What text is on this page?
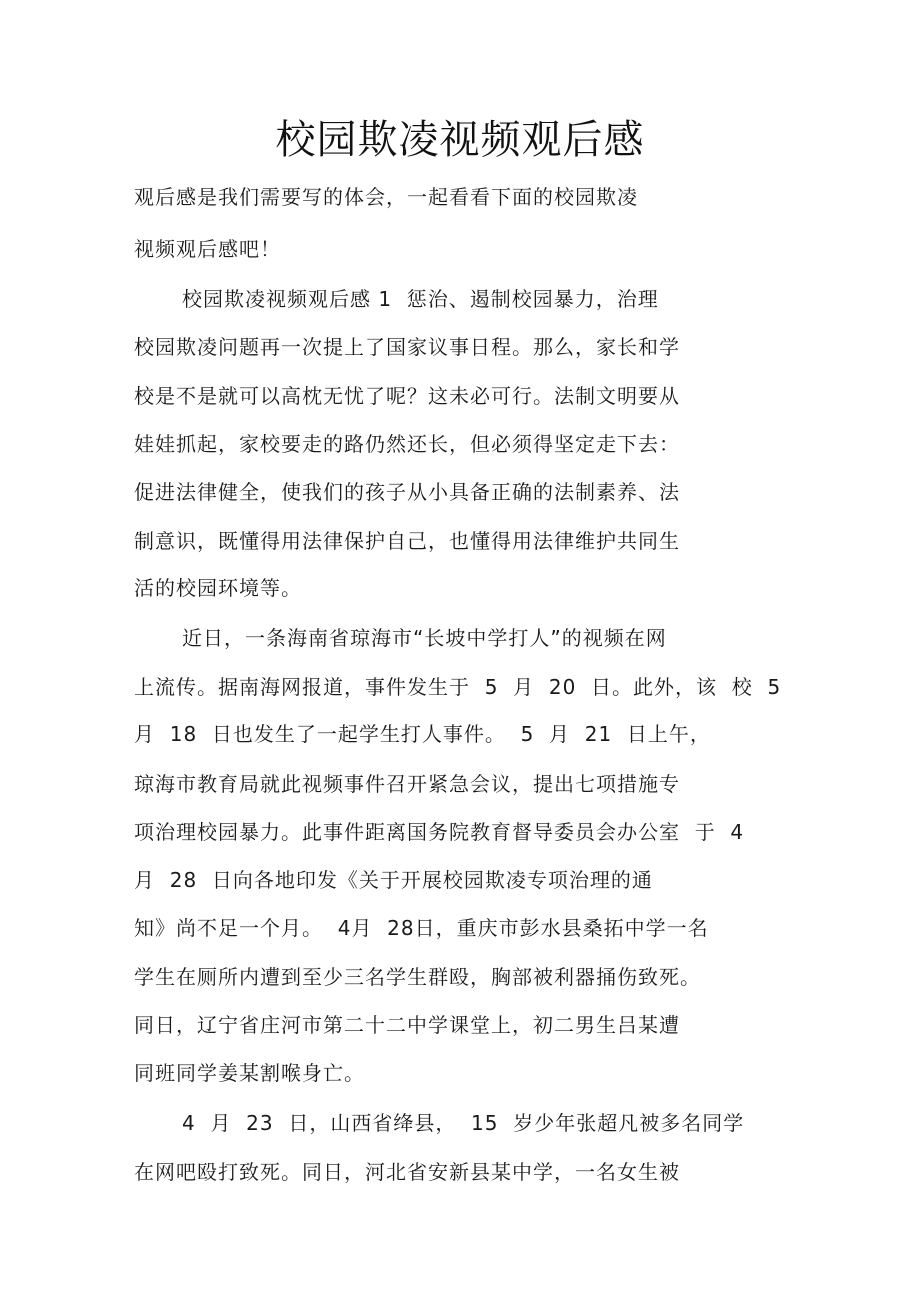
校园欺凌视频观后感
观后感是我们需要写的体会，一起看看下面的校园欺凌
视频观后感吧！
校园欺凌视频观后感 1  惩治、遏制校园暴力，治理
校园欺凌问题再一次提上了国家议事日程。那么，家长和学
校是不是就可以高枕无忧了呢？这未必可行。法制文明要从
娃娃抓起，家校要走的路仍然还长，但必须得坚定走下去：
促进法律健全，使我们的孩子从小具备正确的法制素养、法
制意识，既懂得用法律保护自己，也懂得用法律维护共同生
活的校园环境等。
近日，一条海南省琼海市“长坡中学打人”的视频在网
上流传。据南海网报道，事件发生于  5  月  20  日。此外，该  校  5
月  18  日也发生了一起学生打人事件。  5  月  21  日上午，
琼海市教育局就此视频事件召开紧急会议，提出七项措施专
项治理校园暴力。此事件距离国务院教育督导委员会办公室  于  4
月  28  日向各地印发《关于开展校园欺凌专项治理的通
知》尚不足一个月。  4月  28日，重庆市彭水县桑拓中学一名
学生在厕所内遭到至少三名学生群殴，胸部被利器捅伤致死。
同日，辽宁省庄河市第二十二中学课堂上，初二男生吕某遭
同班同学姜某割喉身亡。
4  月  23  日，山西省绛县，  15  岁少年张超凡被多名同学
在网吧殴打致死。同日，河北省安新县某中学，一名女生被
